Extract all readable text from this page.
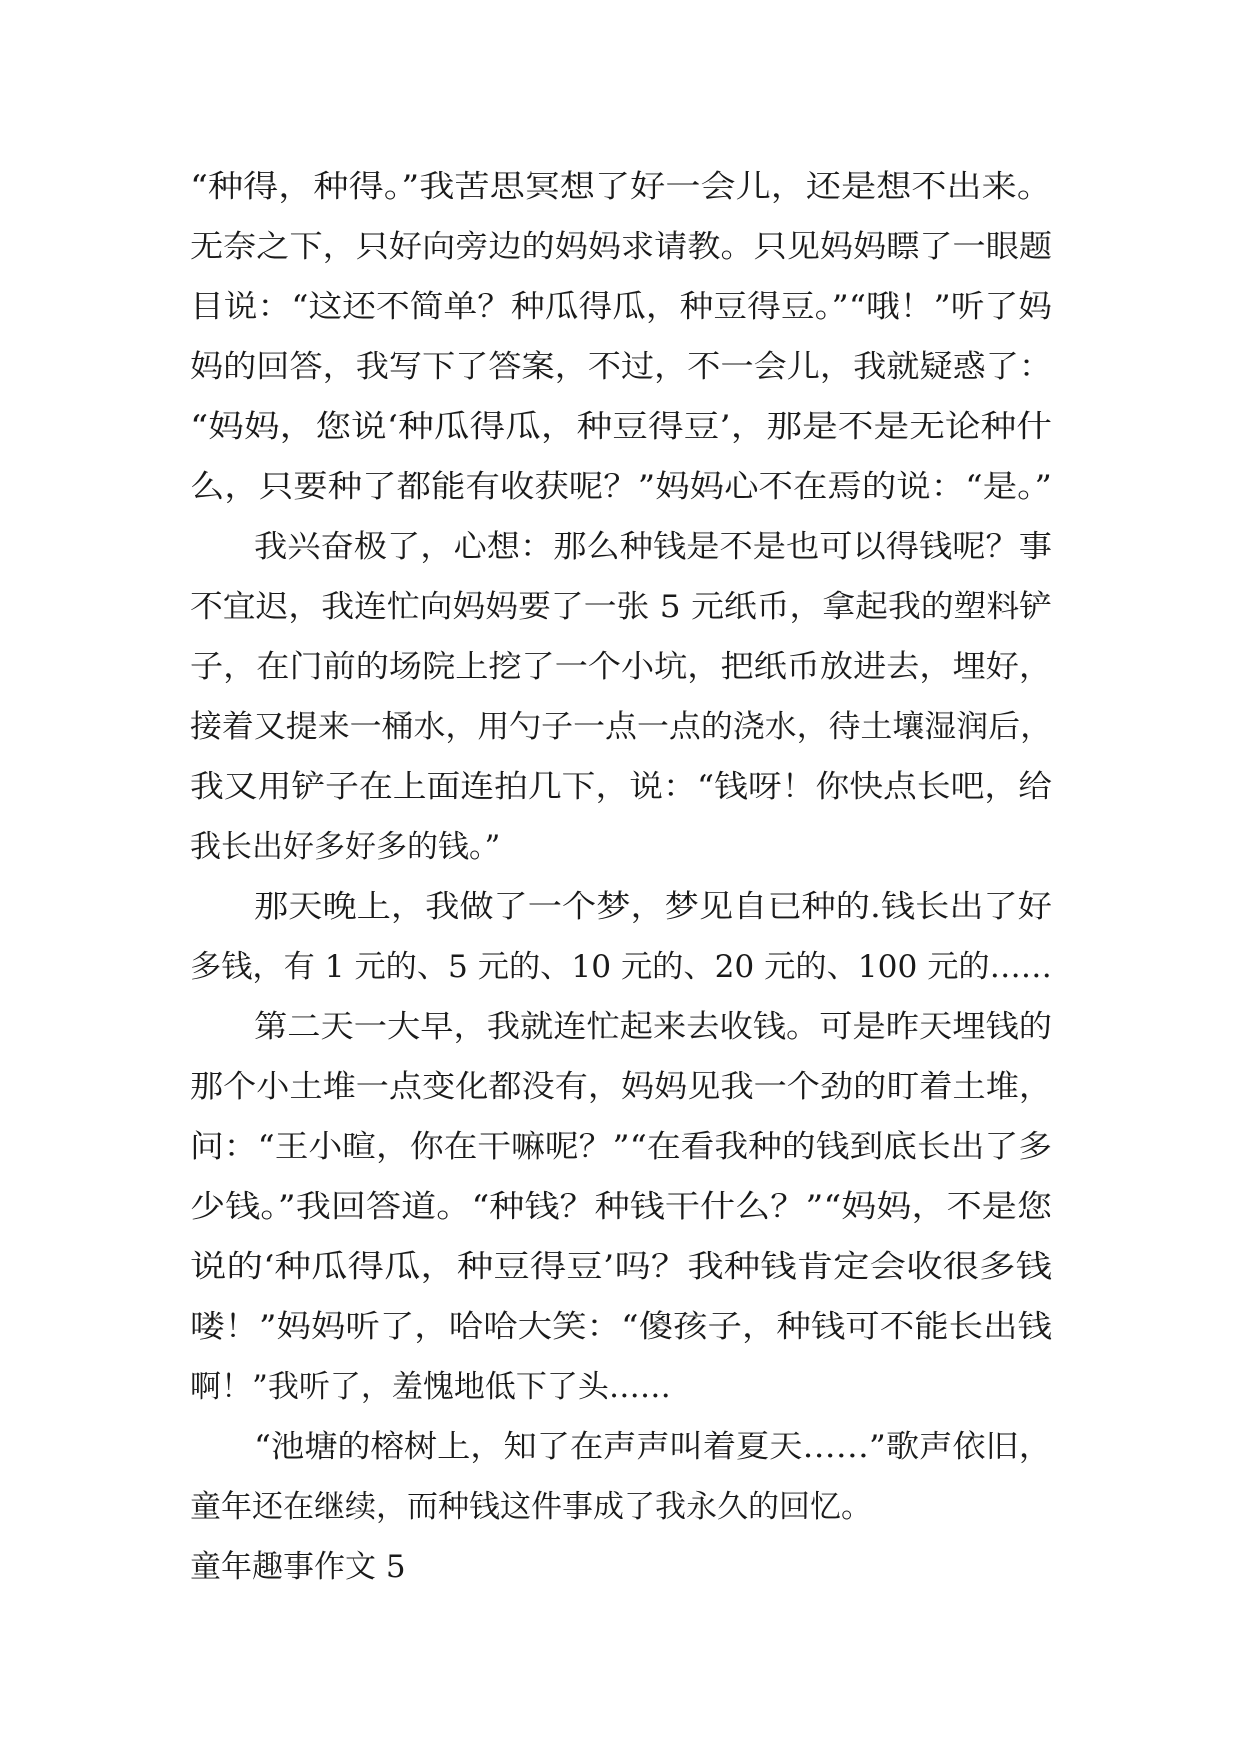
“种得，种得。”我苦思冥想了好一会儿，还是想不出来。
无奈之下，只好向旁边的妈妈求请教。只见妈妈瞟了一眼题
目说：“这还不简单？种瓜得瓜，种豆得豆。”“哦！”听了妈
妈的回答，我写下了答案，不过，不一会儿，我就疑惑了：
“妈妈，您说‘种瓜得瓜，种豆得豆’，那是不是无论种什
么，只要种了都能有收获呢？”妈妈心不在焉的说：“是。”
我兴奋极了，心想：那么种钱是不是也可以得钱呢？事
不宜迟，我连忙向妈妈要了一张 5 元纸币，拿起我的塑料铲
子，在门前的场院上挖了一个小坑，把纸币放进去，埋好，
接着又提来一桶水，用勺子一点一点的浇水，待土壤湿润后，
我又用铲子在上面连拍几下，说：“钱呀！你快点长吧，给
我长出好多好多的钱。”
那天晚上，我做了一个梦，梦见自已种的.钱长出了好
多钱，有 1 元的、5 元的、10 元的、20 元的、100 元的……
第二天一大早，我就连忙起来去收钱。可是昨天埋钱的
那个小土堆一点变化都没有，妈妈见我一个劲的盯着土堆，
问：“王小暄，你在干嘛呢？”“在看我种的钱到底长出了多
少钱。”我回答道。“种钱？种钱干什么？”“妈妈，不是您
说的‘种瓜得瓜，种豆得豆’吗？我种钱肯定会收很多钱
喽！”妈妈听了，哈哈大笑：“傻孩子，种钱可不能长出钱
啊！”我听了，羞愧地低下了头……
“池塘的榕树上，知了在声声叫着夏天……”歌声依旧，
童年还在继续，而种钱这件事成了我永久的回忆。
童年趣事作文 5
